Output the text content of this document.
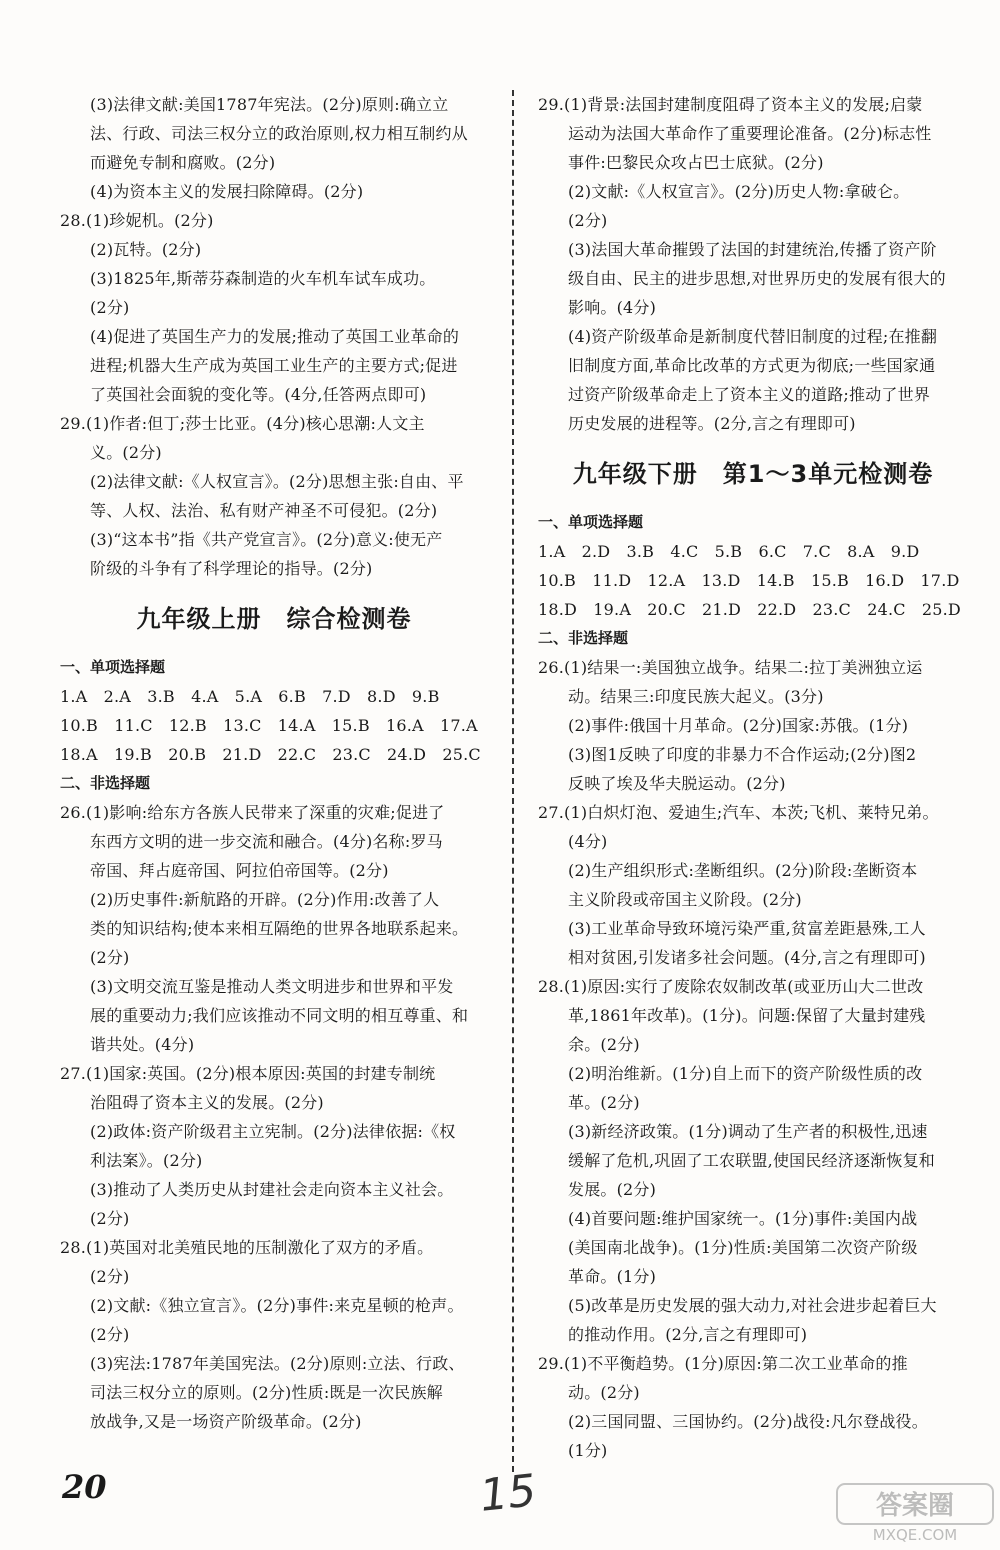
(3)法律文献:美国1787年宪法。(2分)原则:确立立

法、行政、司法三权分立的政治原则,权力相互制约从

而避免专制和腐败。(2分)

(4)为资本主义的发展扫除障碍。(2分)

28.(1)珍妮机。(2分)

(2)瓦特。(2分)

(3)1825年,斯蒂芬森制造的火车机车试车成功。

(2分)

(4)促进了英国生产力的发展;推动了英国工业革命的

进程;机器大生产成为英国工业生产的主要方式;促进

了英国社会面貌的变化等。(4分,任答两点即可)

29.(1)作者:但丁;莎士比亚。(4分)核心思潮:人文主

义。(2分)

(2)法律文献:《人权宣言》。(2分)思想主张:自由、平

等、人权、法治、私有财产神圣不可侵犯。(2分)

(3)“这本书”指《共产党宣言》。(2分)意义:使无产

阶级的斗争有了科学理论的指导。(2分)

九年级上册　综合检测卷
一、单项选择题

1.A　2.A　3.B　4.A　5.A　6.B　7.D　8.D　9.B

10.B　11.C　12.B　13.C　14.A　15.B　16.A　17.A

18.A　19.B　20.B　21.D　22.C　23.C　24.D　25.C

二、非选择题

26.(1)影响:给东方各族人民带来了深重的灾难;促进了

东西方文明的进一步交流和融合。(4分)名称:罗马

帝国、拜占庭帝国、阿拉伯帝国等。(2分)

(2)历史事件:新航路的开辟。(2分)作用:改善了人

类的知识结构;使本来相互隔绝的世界各地联系起来。

(2分)

(3)文明交流互鉴是推动人类文明进步和世界和平发

展的重要动力;我们应该推动不同文明的相互尊重、和

谐共处。(4分)

27.(1)国家:英国。(2分)根本原因:英国的封建专制统

治阻碍了资本主义的发展。(2分)

(2)政体:资产阶级君主立宪制。(2分)法律依据:《权

利法案》。(2分)

(3)推动了人类历史从封建社会走向资本主义社会。

(2分)

28.(1)英国对北美殖民地的压制激化了双方的矛盾。

(2分)

(2)文献:《独立宣言》。(2分)事件:来克星顿的枪声。

(2分)

(3)宪法:1787年美国宪法。(2分)原则:立法、行政、

司法三权分立的原则。(2分)性质:既是一次民族解

放战争,又是一场资产阶级革命。(2分)

29.(1)背景:法国封建制度阻碍了资本主义的发展;启蒙

运动为法国大革命作了重要理论准备。(2分)标志性

事件:巴黎民众攻占巴士底狱。(2分)

(2)文献:《人权宣言》。(2分)历史人物:拿破仑。

(2分)

(3)法国大革命摧毁了法国的封建统治,传播了资产阶

级自由、民主的进步思想,对世界历史的发展有很大的

影响。(4分)

(4)资产阶级革命是新制度代替旧制度的过程;在推翻

旧制度方面,革命比改革的方式更为彻底;一些国家通

过资产阶级革命走上了资本主义的道路;推动了世界

历史发展的进程等。(2分,言之有理即可)

九年级下册　第1～3单元检测卷
一、单项选择题

1.A　2.D　3.B　4.C　5.B　6.C　7.C　8.A　9.D

10.B　11.D　12.A　13.D　14.B　15.B　16.D　17.D

18.D　19.A　20.C　21.D　22.D　23.C　24.C　25.D

二、非选择题

26.(1)结果一:美国独立战争。结果二:拉丁美洲独立运

动。结果三:印度民族大起义。(3分)

(2)事件:俄国十月革命。(2分)国家:苏俄。(1分)

(3)图1反映了印度的非暴力不合作运动;(2分)图2

反映了埃及华夫脱运动。(2分)

27.(1)白炽灯泡、爱迪生;汽车、本茨;飞机、莱特兄弟。

(4分)

(2)生产组织形式:垄断组织。(2分)阶段:垄断资本

主义阶段或帝国主义阶段。(2分)

(3)工业革命导致环境污染严重,贫富差距悬殊,工人

相对贫困,引发诸多社会问题。(4分,言之有理即可)

28.(1)原因:实行了废除农奴制改革(或亚历山大二世改

革,1861年改革)。(1分)。问题:保留了大量封建残

余。(2分)

(2)明治维新。(1分)自上而下的资产阶级性质的改

革。(2分)

(3)新经济政策。(1分)调动了生产者的积极性,迅速

缓解了危机,巩固了工农联盟,使国民经济逐渐恢复和

发展。(2分)

(4)首要问题:维护国家统一。(1分)事件:美国内战

(美国南北战争)。(1分)性质:美国第二次资产阶级

革命。(1分)

(5)改革是历史发展的强大动力,对社会进步起着巨大

的推动作用。(2分,言之有理即可)

29.(1)不平衡趋势。(1分)原因:第二次工业革命的推

动。(2分)

(2)三国同盟、三国协约。(2分)战役:凡尔登战役。

(1分)

20	15	答案圈
MXQE.COM
